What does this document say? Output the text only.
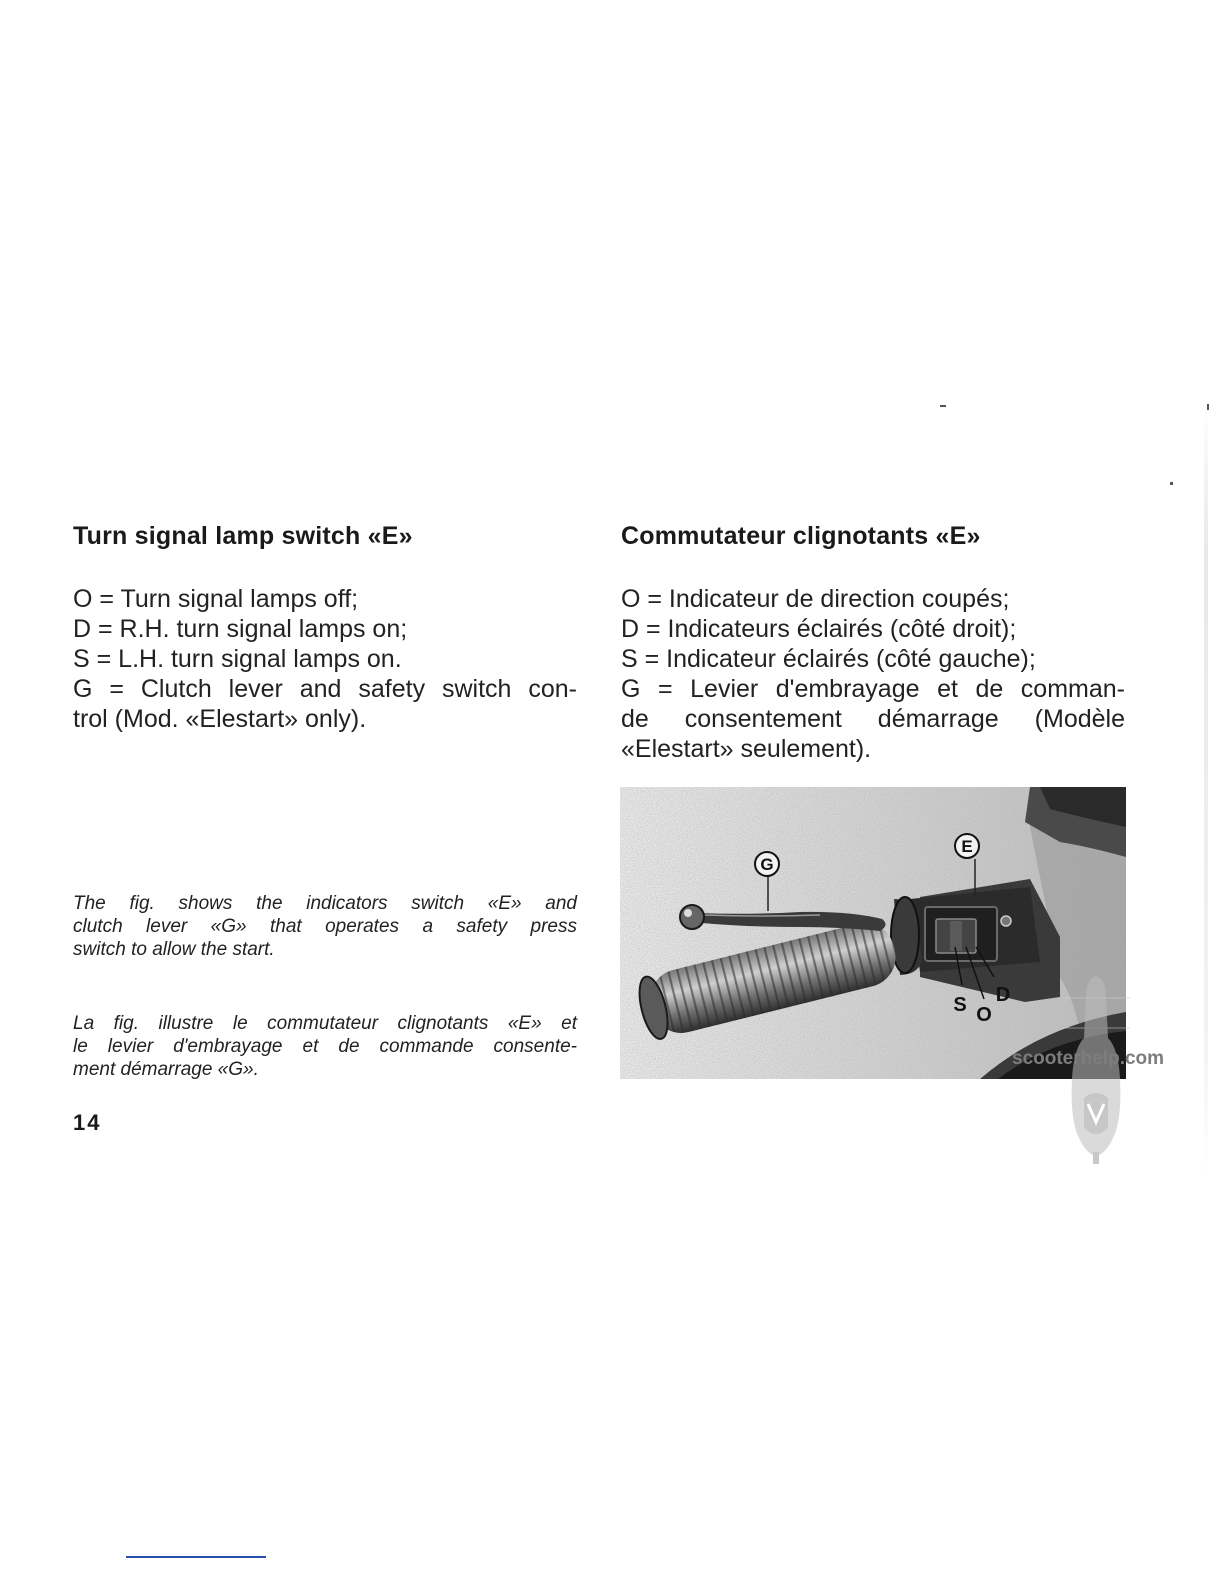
Turn signal lamp switch «E»
O = Turn signal lamps off;
D = R.H. turn signal lamps on;
S = L.H. turn signal lamps on.
G = Clutch lever and safety switch con-
trol (Mod. «Elestart» only).
The fig. shows the indicators switch «E» and
clutch lever «G» that operates a safety press
switch to allow the start.
Commutateur clignotants «E»
O = Indicateur de direction coupés;
D = Indicateurs éclairés (côté droit);
S = Indicateur éclairés (côté gauche);
G = Levier d'embrayage et de comman-
de consentement démarrage (Modèle
«Elestart» seulement).
La fig. illustre le commutateur clignotants «E» et
le levier d'embrayage et de commande consente-
ment démarrage «G».
G
E
S O
D
scooterhelp.com
14
